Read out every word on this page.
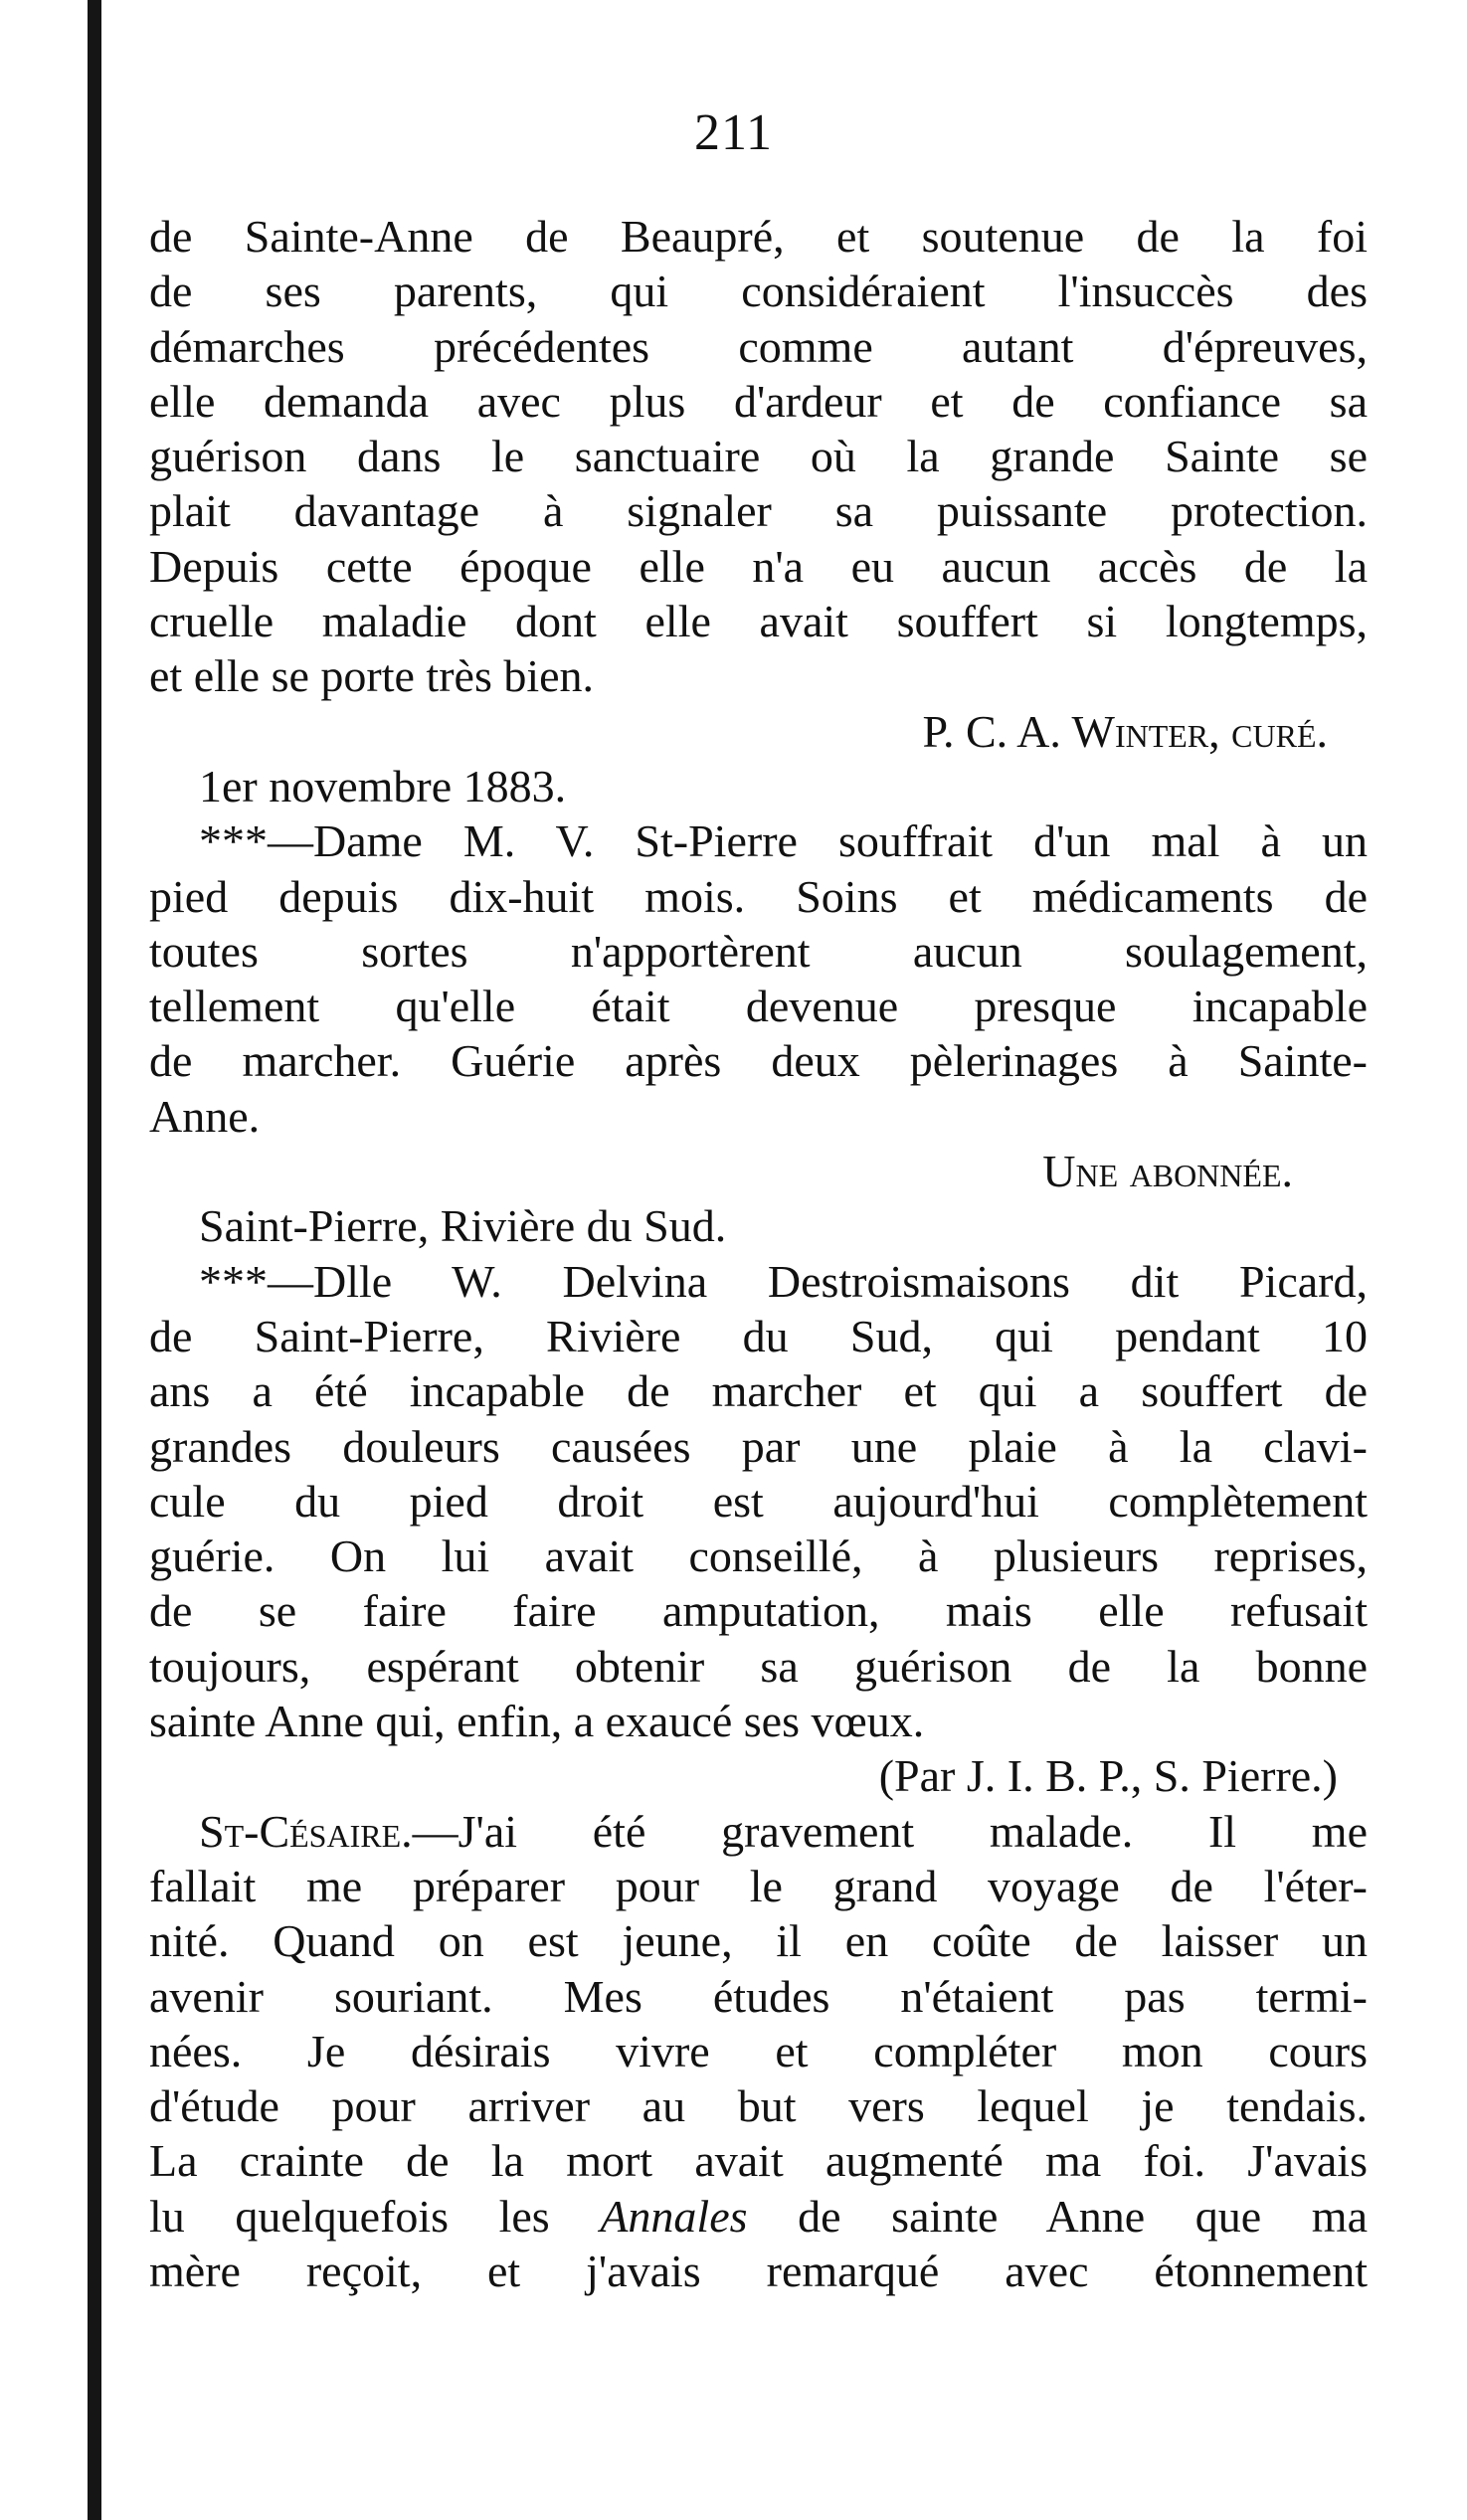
211
de Sainte-Anne de Beaupré, et soutenue de la foi
de ses parents, qui considéraient l'insuccès des
démarches précédentes comme autant d'épreuves,
elle demanda avec plus d'ardeur et de confiance sa
guérison dans le sanctuaire où la grande Sainte se
plait davantage à signaler sa puissante protection.
Depuis cette époque elle n'a eu aucun accès de la
cruelle maladie dont elle avait souffert si longtemps,
et elle se porte très bien.
P. C. A. Winter, curé.
1er novembre 1883.
***—Dame M. V. St-Pierre souffrait d'un mal à un
pied depuis dix-huit mois. Soins et médicaments de
toutes sortes n'apportèrent aucun soulagement,
tellement qu'elle était devenue presque incapable
de marcher. Guérie après deux pèlerinages à Sainte-
Anne.
Une abonnée.
Saint-Pierre, Rivière du Sud.
***—Dlle W. Delvina Destroismaisons dit Picard,
de Saint-Pierre, Rivière du Sud, qui pendant 10
ans a été incapable de marcher et qui a souffert de
grandes douleurs causées par une plaie à la clavi-
cule du pied droit est aujourd'hui complètement
guérie. On lui avait conseillé, à plusieurs reprises,
de se faire faire amputation, mais elle refusait
toujours, espérant obtenir sa guérison de la bonne
sainte Anne qui, enfin, a exaucé ses vœux.
(Par J. I. B. P., S. Pierre.)
St-Césaire.—J'ai été gravement malade. Il me
fallait me préparer pour le grand voyage de l'éter-
nité. Quand on est jeune, il en coûte de laisser un
avenir souriant. Mes études n'étaient pas termi-
nées. Je désirais vivre et compléter mon cours
d'étude pour arriver au but vers lequel je tendais.
La crainte de la mort avait augmenté ma foi. J'avais
lu quelquefois les Annales de sainte Anne que ma
mère reçoit, et j'avais remarqué avec étonnement
